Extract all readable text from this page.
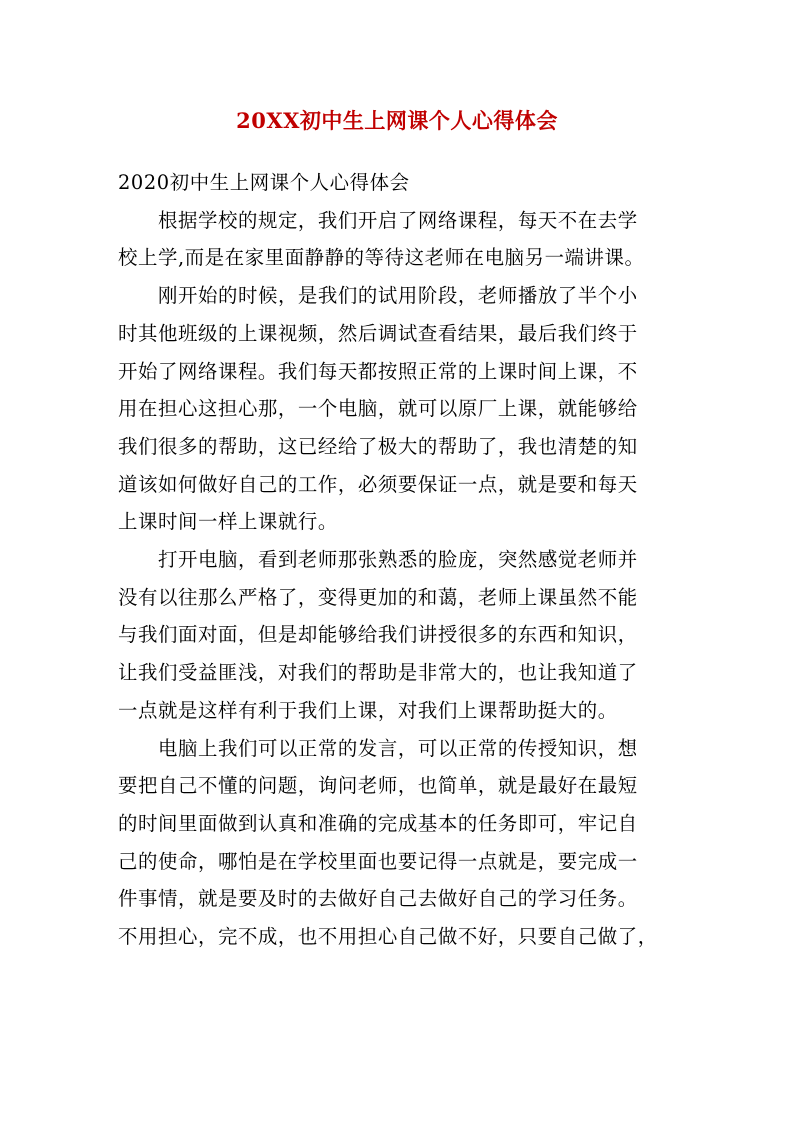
20XX初中生上网课个人心得体会
2020初中生上网课个人心得体会
根据学校的规定，我们开启了网络课程，每天不在去学
校上学,而是在家里面静静的等待这老师在电脑另一端讲课。
刚开始的时候，是我们的试用阶段，老师播放了半个小
时其他班级的上课视频，然后调试查看结果，最后我们终于
开始了网络课程。我们每天都按照正常的上课时间上课，不
用在担心这担心那，一个电脑，就可以原厂上课，就能够给
我们很多的帮助，这已经给了极大的帮助了，我也清楚的知
道该如何做好自己的工作，必须要保证一点，就是要和每天
上课时间一样上课就行。
打开电脑，看到老师那张熟悉的脸庞，突然感觉老师并
没有以往那么严格了，变得更加的和蔼，老师上课虽然不能
与我们面对面，但是却能够给我们讲授很多的东西和知识，
让我们受益匪浅，对我们的帮助是非常大的，也让我知道了
一点就是这样有利于我们上课，对我们上课帮助挺大的。
电脑上我们可以正常的发言，可以正常的传授知识，想
要把自己不懂的问题，询问老师，也简单，就是最好在最短
的时间里面做到认真和准确的完成基本的任务即可，牢记自
己的使命，哪怕是在学校里面也要记得一点就是，要完成一
件事情，就是要及时的去做好自己去做好自己的学习任务。
不用担心，完不成，也不用担心自己做不好，只要自己做了，
